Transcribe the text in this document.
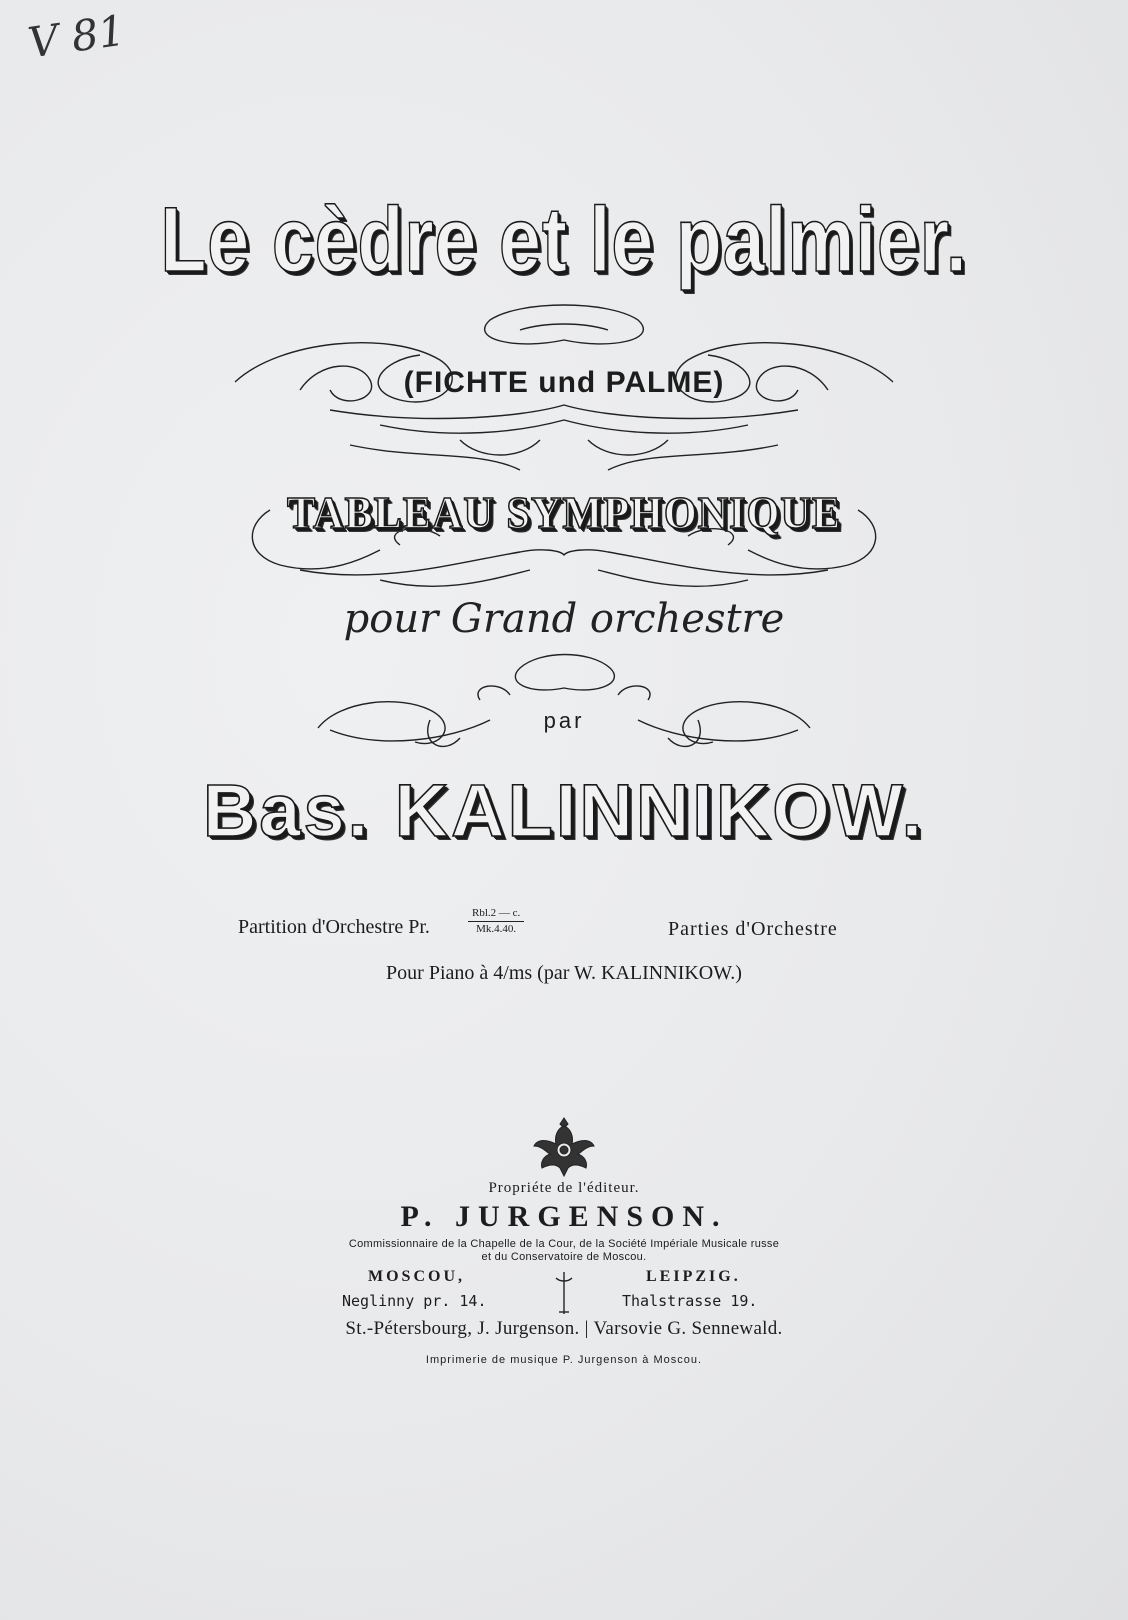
V 81
Le cèdre et le palmier.
(FICHTE und PALME)
TABLEAU SYMPHONIQUE
pour Grand orchestre
par
Bas. KALINNIKOW.
Partition d'Orchestre Pr.
Rbl.2 — c.
Mk.4.40.	Parties d'Orchestre
Pour Piano à 4/ms (par W. KALINNIKOW.)
Propriéte de l'éditeur.
P. JURGENSON.
Commissionnaire de la Chapelle de la Cour, de la Société Impériale Musicale russe
et du Conservatoire de Moscou.
MOSCOU,	LEIPZIG.
Neglinny pr. 14.	Thalstrasse 19.
St.-Pétersbourg, J. Jurgenson. | Varsovie G. Sennewald.
Imprimerie de musique P. Jurgenson à Moscou.
